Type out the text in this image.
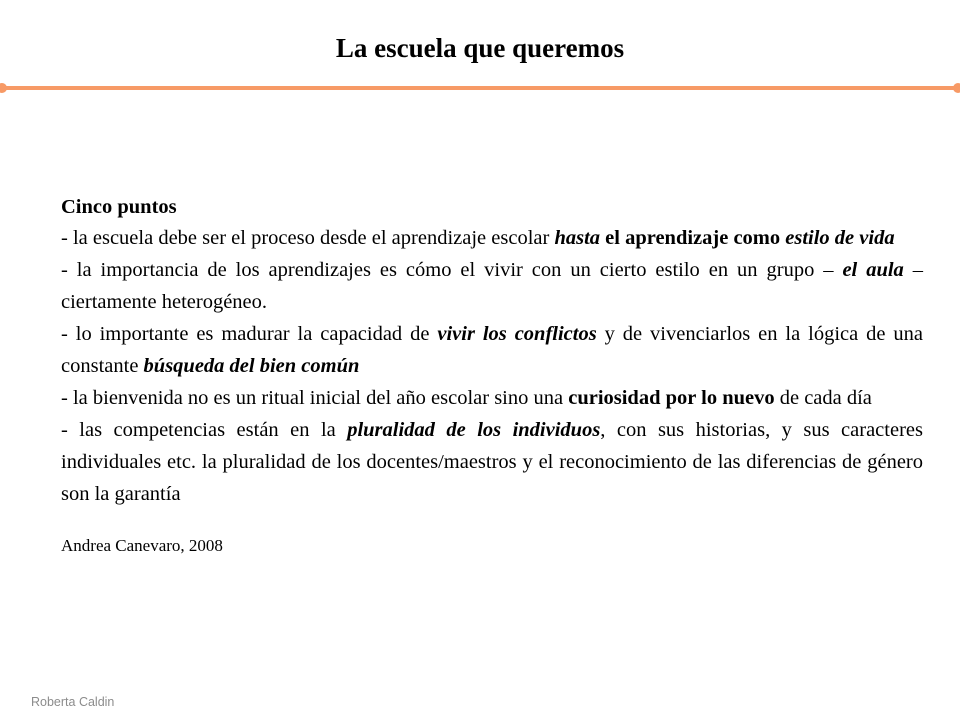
La escuela que queremos

Cinco puntos

- la escuela debe ser el proceso desde el aprendizaje escolar hasta el aprendizaje como estilo de vida

- la importancia de los aprendizajes es cómo el vivir con un cierto estilo en un grupo – el aula – ciertamente heterogéneo.

- lo importante es madurar la capacidad de vivir los conflictos y de vivenciarlos en la lógica de una constante búsqueda del bien común

- la bienvenida no es un ritual inicial del año escolar sino una curiosidad por lo nuevo de cada día

- las competencias están en la pluralidad de los individuos, con sus historias, y sus caracteres individuales etc. la pluralidad de los docentes/maestros y el reconocimiento de las diferencias de género son la garantía

Andrea Canevaro, 2008
Roberta Caldin
